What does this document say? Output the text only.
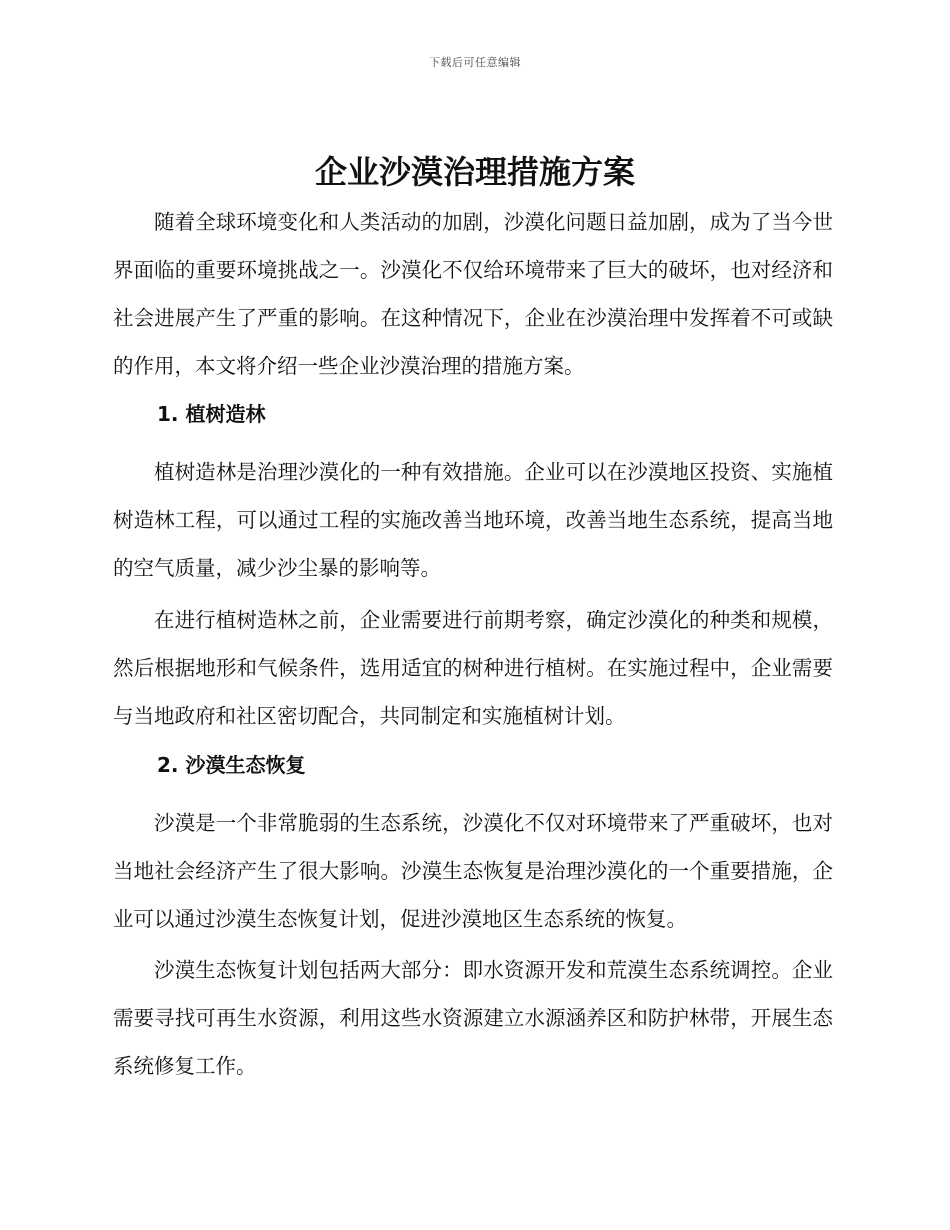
下载后可任意编辑
企业沙漠治理措施方案

随着全球环境变化和人类活动的加剧，沙漠化问题日益加剧，成为了当今世界面临的重要环境挑战之一。沙漠化不仅给环境带来了巨大的破坏，也对经济和社会进展产生了严重的影响。在这种情况下，企业在沙漠治理中发挥着不可或缺的作用，本文将介绍一些企业沙漠治理的措施方案。

1. 植树造林

植树造林是治理沙漠化的一种有效措施。企业可以在沙漠地区投资、实施植树造林工程，可以通过工程的实施改善当地环境，改善当地生态系统，提高当地的空气质量，减少沙尘暴的影响等。

在进行植树造林之前，企业需要进行前期考察，确定沙漠化的种类和规模，然后根据地形和气候条件，选用适宜的树种进行植树。在实施过程中，企业需要与当地政府和社区密切配合，共同制定和实施植树计划。

2. 沙漠生态恢复

沙漠是一个非常脆弱的生态系统，沙漠化不仅对环境带来了严重破坏，也对当地社会经济产生了很大影响。沙漠生态恢复是治理沙漠化的一个重要措施，企业可以通过沙漠生态恢复计划，促进沙漠地区生态系统的恢复。

沙漠生态恢复计划包括两大部分：即水资源开发和荒漠生态系统调控。企业需要寻找可再生水资源，利用这些水资源建立水源涵养区和防护林带，开展生态系统修复工作。
